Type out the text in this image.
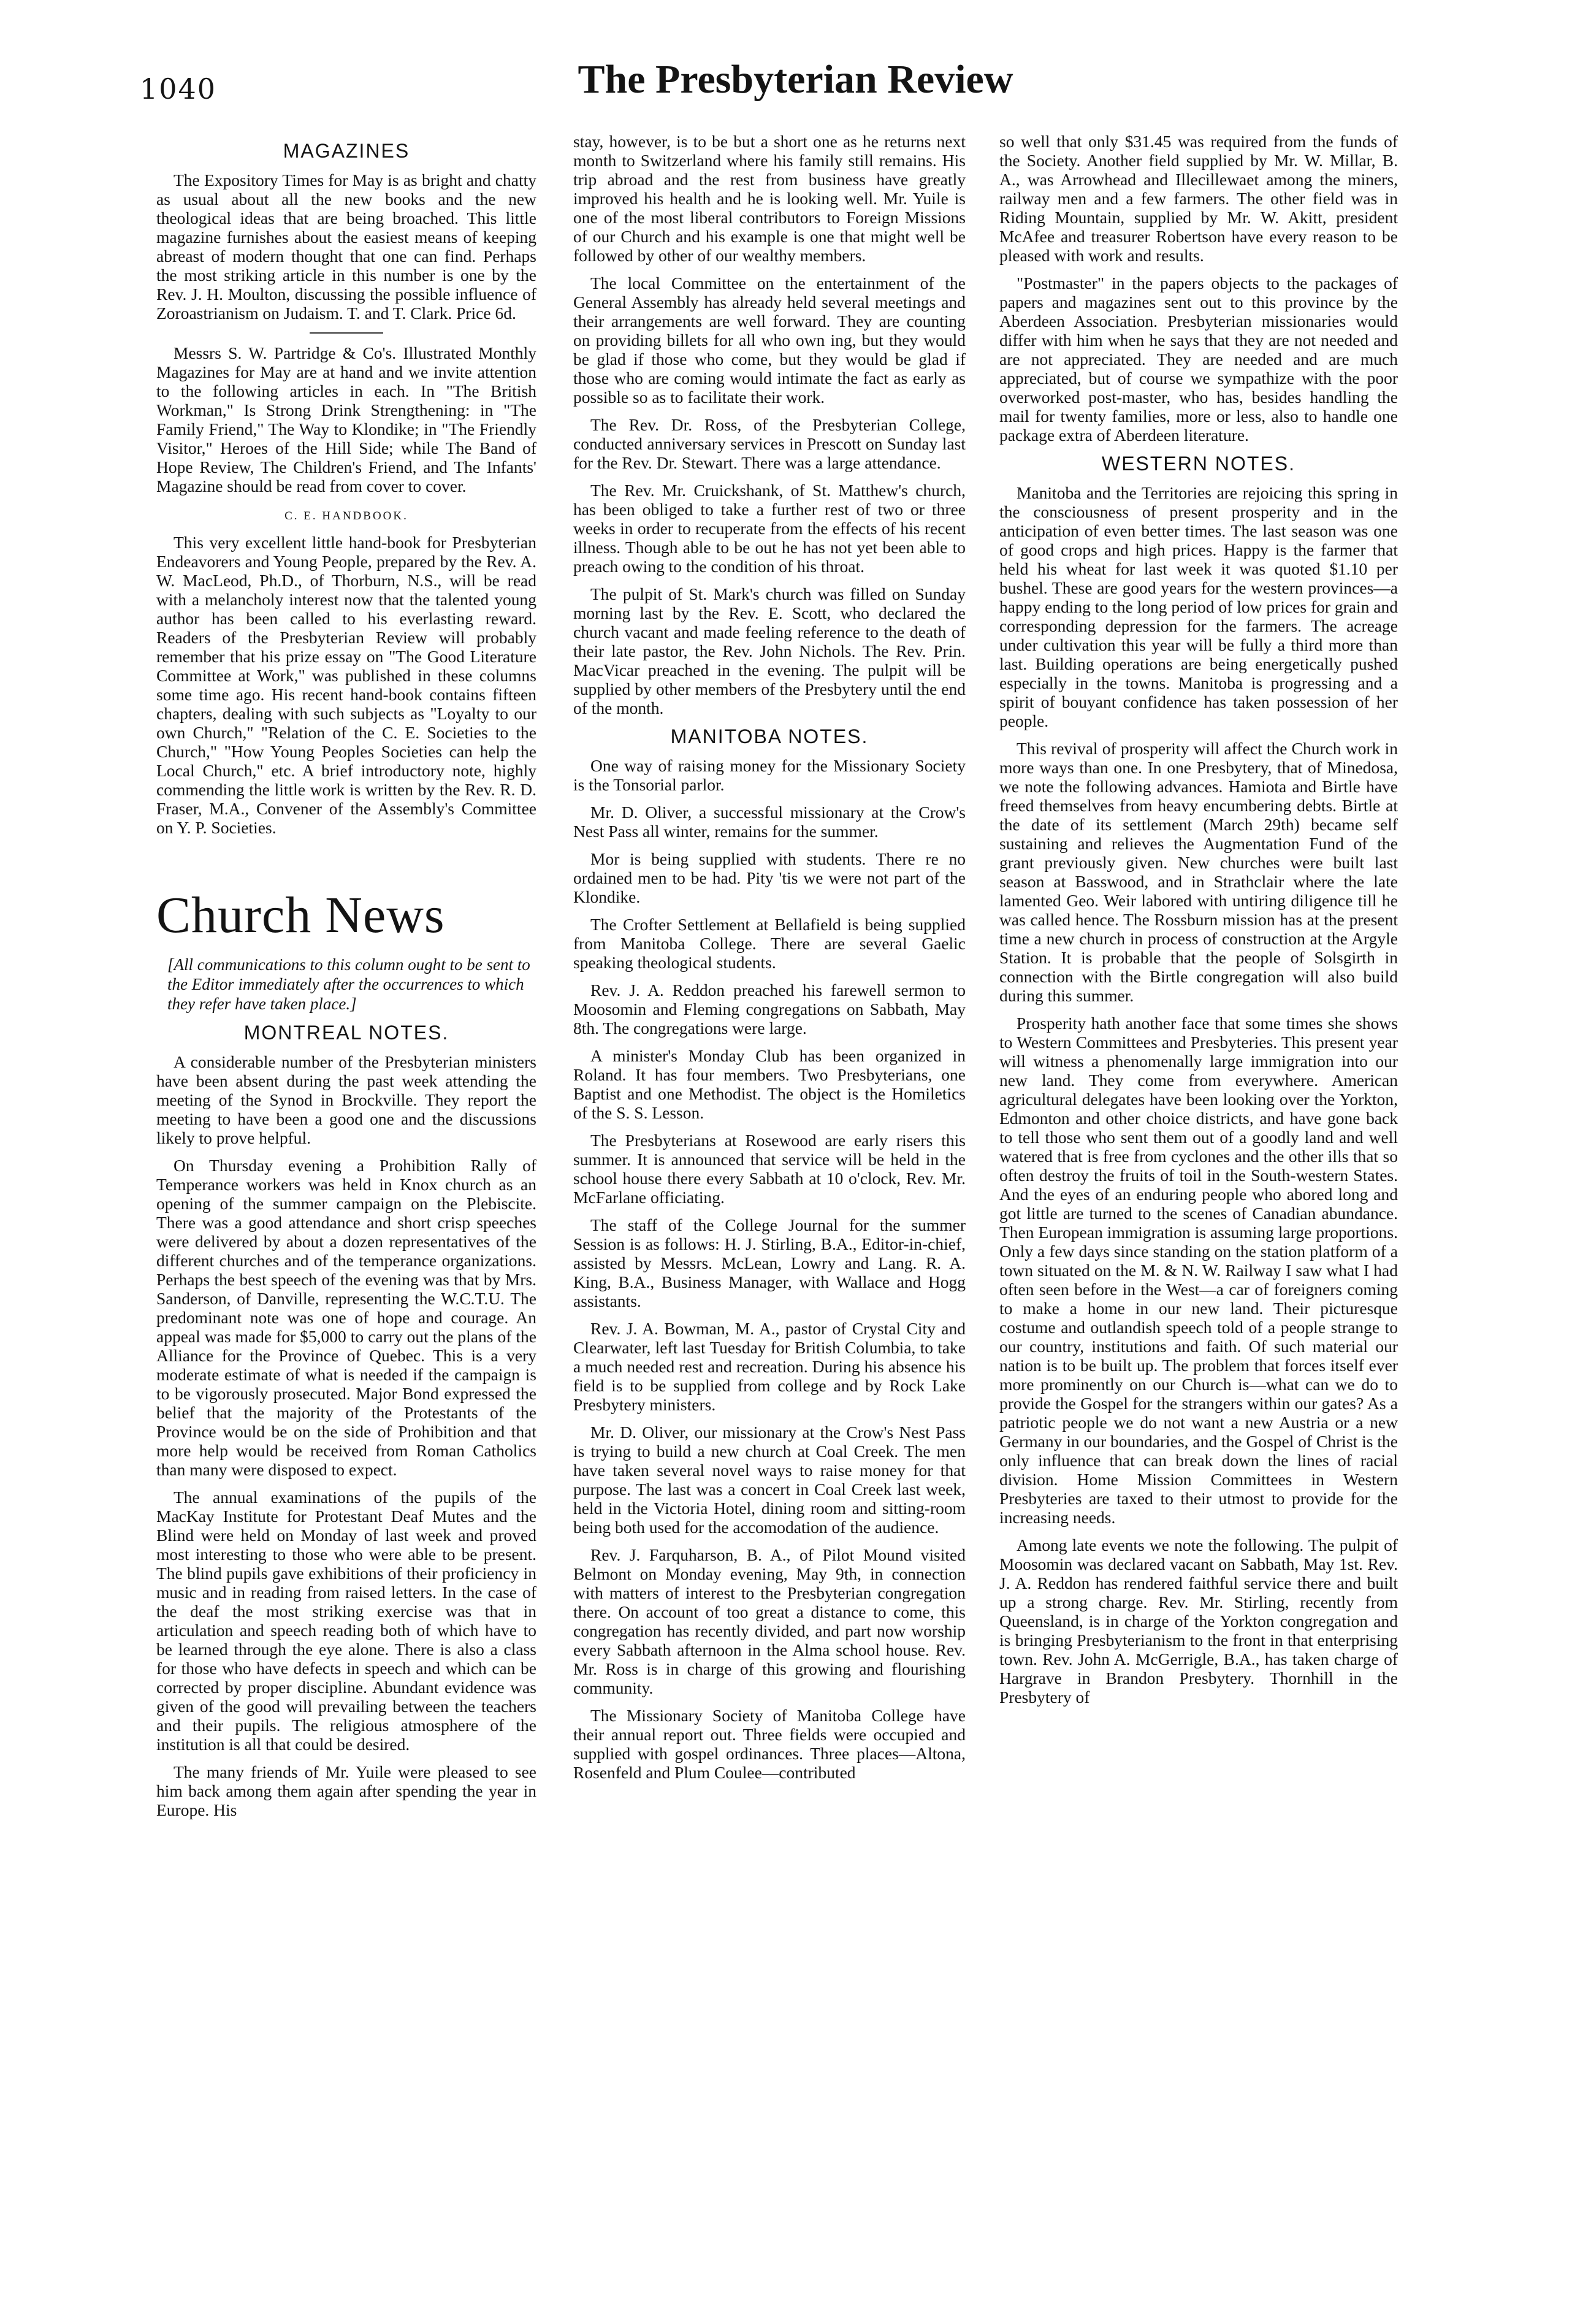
1040	The Presbyterian Review
MAGAZINES

The Expository Times for May is as bright and chatty as usual about all the new books and the new theological ideas that are being broached. This little magazine furnishes about the easiest means of keeping abreast of modern thought that one can find. Perhaps the most striking article in this number is one by the Rev. J. H. Moulton, discussing the possible influence of Zoroastrianism on Judaism. T. and T. Clark. Price 6d.

Messrs S. W. Partridge & Co's. Illustrated Monthly Magazines for May are at hand and we invite attention to the following articles in each. In "The British Workman," Is Strong Drink Strengthening: in "The Family Friend," The Way to Klondike; in "The Friendly Visitor," Heroes of the Hill Side; while The Band of Hope Review, The Children's Friend, and The Infants' Magazine should be read from cover to cover.

C. E. HANDBOOK.

This very excellent little hand-book for Presbyterian Endeavorers and Young People, prepared by the Rev. A. W. MacLeod, Ph.D., of Thorburn, N.S., will be read with a melancholy interest now that the talented young author has been called to his everlasting reward. Readers of the Presbyterian Review will probably remember that his prize essay on "The Good Literature Committee at Work," was published in these columns some time ago. His recent hand-book contains fifteen chapters, dealing with such subjects as "Loyalty to our own Church," "Relation of the C. E. Societies to the Church," "How Young Peoples Societies can help the Local Church," etc. A brief introductory note, highly commending the little work is written by the Rev. R. D. Fraser, M.A., Convener of the Assembly's Committee on Y. P. Societies.

Church News
[All communications to this column ought to be sent to the Editor immediately after the occurrences to which they refer have taken place.]
MONTREAL NOTES.

A considerable number of the Presbyterian ministers have been absent during the past week attending the meeting of the Synod in Brockville. They report the meeting to have been a good one and the discussions likely to prove helpful.

On Thursday evening a Prohibition Rally of Temperance workers was held in Knox church as an opening of the summer campaign on the Plebiscite. There was a good attendance and short crisp speeches were delivered by about a dozen representatives of the different churches and of the temperance organizations. Perhaps the best speech of the evening was that by Mrs. Sanderson, of Danville, representing the W.C.T.U. The predominant note was one of hope and courage. An appeal was made for $5,000 to carry out the plans of the Alliance for the Province of Quebec. This is a very moderate estimate of what is needed if the campaign is to be vigorously prosecuted. Major Bond expressed the belief that the majority of the Protestants of the Province would be on the side of Prohibition and that more help would be received from Roman Catholics than many were disposed to expect.

The annual examinations of the pupils of the MacKay Institute for Protestant Deaf Mutes and the Blind were held on Monday of last week and proved most interesting to those who were able to be present. The blind pupils gave exhibitions of their proficiency in music and in reading from raised letters. In the case of the deaf the most striking exercise was that in articulation and speech reading both of which have to be learned through the eye alone. There is also a class for those who have defects in speech and which can be corrected by proper discipline. Abundant evidence was given of the good will prevailing between the teachers and their pupils. The religious atmosphere of the institution is all that could be desired.

The many friends of Mr. Yuile were pleased to see him back among them again after spending the year in Europe. His

stay, however, is to be but a short one as he returns next month to Switzerland where his family still remains. His trip abroad and the rest from business have greatly improved his health and he is looking well. Mr. Yuile is one of the most liberal contributors to Foreign Missions of our Church and his example is one that might well be followed by other of our wealthy members.

The local Committee on the entertainment of the General Assembly has already held several meetings and their arrangements are well forward. They are counting on providing billets for all who own ing, but they would be glad if those who come, but they would be glad if those who are coming would intimate the fact as early as possible so as to facilitate their work.

The Rev. Dr. Ross, of the Presbyterian College, conducted anniversary services in Prescott on Sunday last for the Rev. Dr. Stewart. There was a large attendance.

The Rev. Mr. Cruickshank, of St. Matthew's church, has been obliged to take a further rest of two or three weeks in order to recuperate from the effects of his recent illness. Though able to be out he has not yet been able to preach owing to the condition of his throat.

The pulpit of St. Mark's church was filled on Sunday morning last by the Rev. E. Scott, who declared the church vacant and made feeling reference to the death of their late pastor, the Rev. John Nichols. The Rev. Prin. MacVicar preached in the evening. The pulpit will be supplied by other members of the Presbytery until the end of the month.

MANITOBA NOTES.

One way of raising money for the Missionary Society is the Tonsorial parlor.

Mr. D. Oliver, a successful missionary at the Crow's Nest Pass all winter, remains for the summer.

Mor is being supplied with students. There re no ordained men to be had. Pity 'tis we were not part of the Klondike.

The Crofter Settlement at Bellafield is being supplied from Manitoba College. There are several Gaelic speaking theological students.

Rev. J. A. Reddon preached his farewell sermon to Moosomin and Fleming congregations on Sabbath, May 8th. The congregations were large.

A minister's Monday Club has been organized in Roland. It has four members. Two Presbyterians, one Baptist and one Methodist. The object is the Homiletics of the S. S. Lesson.

The Presbyterians at Rosewood are early risers this summer. It is announced that service will be held in the school house there every Sabbath at 10 o'clock, Rev. Mr. McFarlane officiating.

The staff of the College Journal for the summer Session is as follows: H. J. Stirling, B.A., Editor-in-chief, assisted by Messrs. McLean, Lowry and Lang. R. A. King, B.A., Business Manager, with Wallace and Hogg assistants.

Rev. J. A. Bowman, M. A., pastor of Crystal City and Clearwater, left last Tuesday for British Columbia, to take a much needed rest and recreation. During his absence his field is to be supplied from college and by Rock Lake Presbytery ministers.

Mr. D. Oliver, our missionary at the Crow's Nest Pass is trying to build a new church at Coal Creek. The men have taken several novel ways to raise money for that purpose. The last was a concert in Coal Creek last week, held in the Victoria Hotel, dining room and sitting-room being both used for the accomodation of the audience.

Rev. J. Farquharson, B. A., of Pilot Mound visited Belmont on Monday evening, May 9th, in connection with matters of interest to the Presbyterian congregation there. On account of too great a distance to come, this congregation has recently divided, and part now worship every Sabbath afternoon in the Alma school house. Rev. Mr. Ross is in charge of this growing and flourishing community.

The Missionary Society of Manitoba College have their annual report out. Three fields were occupied and supplied with gospel ordinances. Three places—Altona, Rosenfeld and Plum Coulee—contributed

so well that only $31.45 was required from the funds of the Society. Another field supplied by Mr. W. Millar, B. A., was Arrowhead and Illecillewaet among the miners, railway men and a few farmers. The other field was in Riding Mountain, supplied by Mr. W. Akitt, president McAfee and treasurer Robertson have every reason to be pleased with work and results.

"Postmaster" in the papers objects to the packages of papers and magazines sent out to this province by the Aberdeen Association. Presbyterian missionaries would differ with him when he says that they are not needed and are not appreciated. They are needed and are much appreciated, but of course we sympathize with the poor overworked post-master, who has, besides handling the mail for twenty families, more or less, also to handle one package extra of Aberdeen literature.

WESTERN NOTES.

Manitoba and the Territories are rejoicing this spring in the consciousness of present prosperity and in the anticipation of even better times. The last season was one of good crops and high prices. Happy is the farmer that held his wheat for last week it was quoted $1.10 per bushel. These are good years for the western provinces—a happy ending to the long period of low prices for grain and corresponding depression for the farmers. The acreage under cultivation this year will be fully a third more than last. Building operations are being energetically pushed especially in the towns. Manitoba is progressing and a spirit of bouyant confidence has taken possession of her people.

This revival of prosperity will affect the Church work in more ways than one. In one Presbytery, that of Minedosa, we note the following advances. Hamiota and Birtle have freed themselves from heavy encumbering debts. Birtle at the date of its settlement (March 29th) became self sustaining and relieves the Augmentation Fund of the grant previously given. New churches were built last season at Basswood, and in Strathclair where the late lamented Geo. Weir labored with untiring diligence till he was called hence. The Rossburn mission has at the present time a new church in process of construction at the Argyle Station. It is probable that the people of Solsgirth in connection with the Birtle congregation will also build during this summer.

Prosperity hath another face that some times she shows to Western Committees and Presbyteries. This present year will witness a phenomenally large immigration into our new land. They come from everywhere. American agricultural delegates have been looking over the Yorkton, Edmonton and other choice districts, and have gone back to tell those who sent them out of a goodly land and well watered that is free from cyclones and the other ills that so often destroy the fruits of toil in the South-western States. And the eyes of an enduring people who abored long and got little are turned to the scenes of Canadian abundance. Then European immigration is assuming large proportions. Only a few days since standing on the station platform of a town situated on the M. & N. W. Railway I saw what I had often seen before in the West—a car of foreigners coming to make a home in our new land. Their picturesque costume and outlandish speech told of a people strange to our country, institutions and faith. Of such material our nation is to be built up. The problem that forces itself ever more prominently on our Church is—what can we do to provide the Gospel for the strangers within our gates? As a patriotic people we do not want a new Austria or a new Germany in our boundaries, and the Gospel of Christ is the only influence that can break down the lines of racial division. Home Mission Committees in Western Presbyteries are taxed to their utmost to provide for the increasing needs.

Among late events we note the following. The pulpit of Moosomin was declared vacant on Sabbath, May 1st. Rev. J. A. Reddon has rendered faithful service there and built up a strong charge. Rev. Mr. Stirling, recently from Queensland, is in charge of the Yorkton congregation and is bringing Presbyterianism to the front in that enterprising town. Rev. John A. McGerrigle, B.A., has taken charge of Hargrave in Brandon Presbytery. Thornhill in the Presbytery of
